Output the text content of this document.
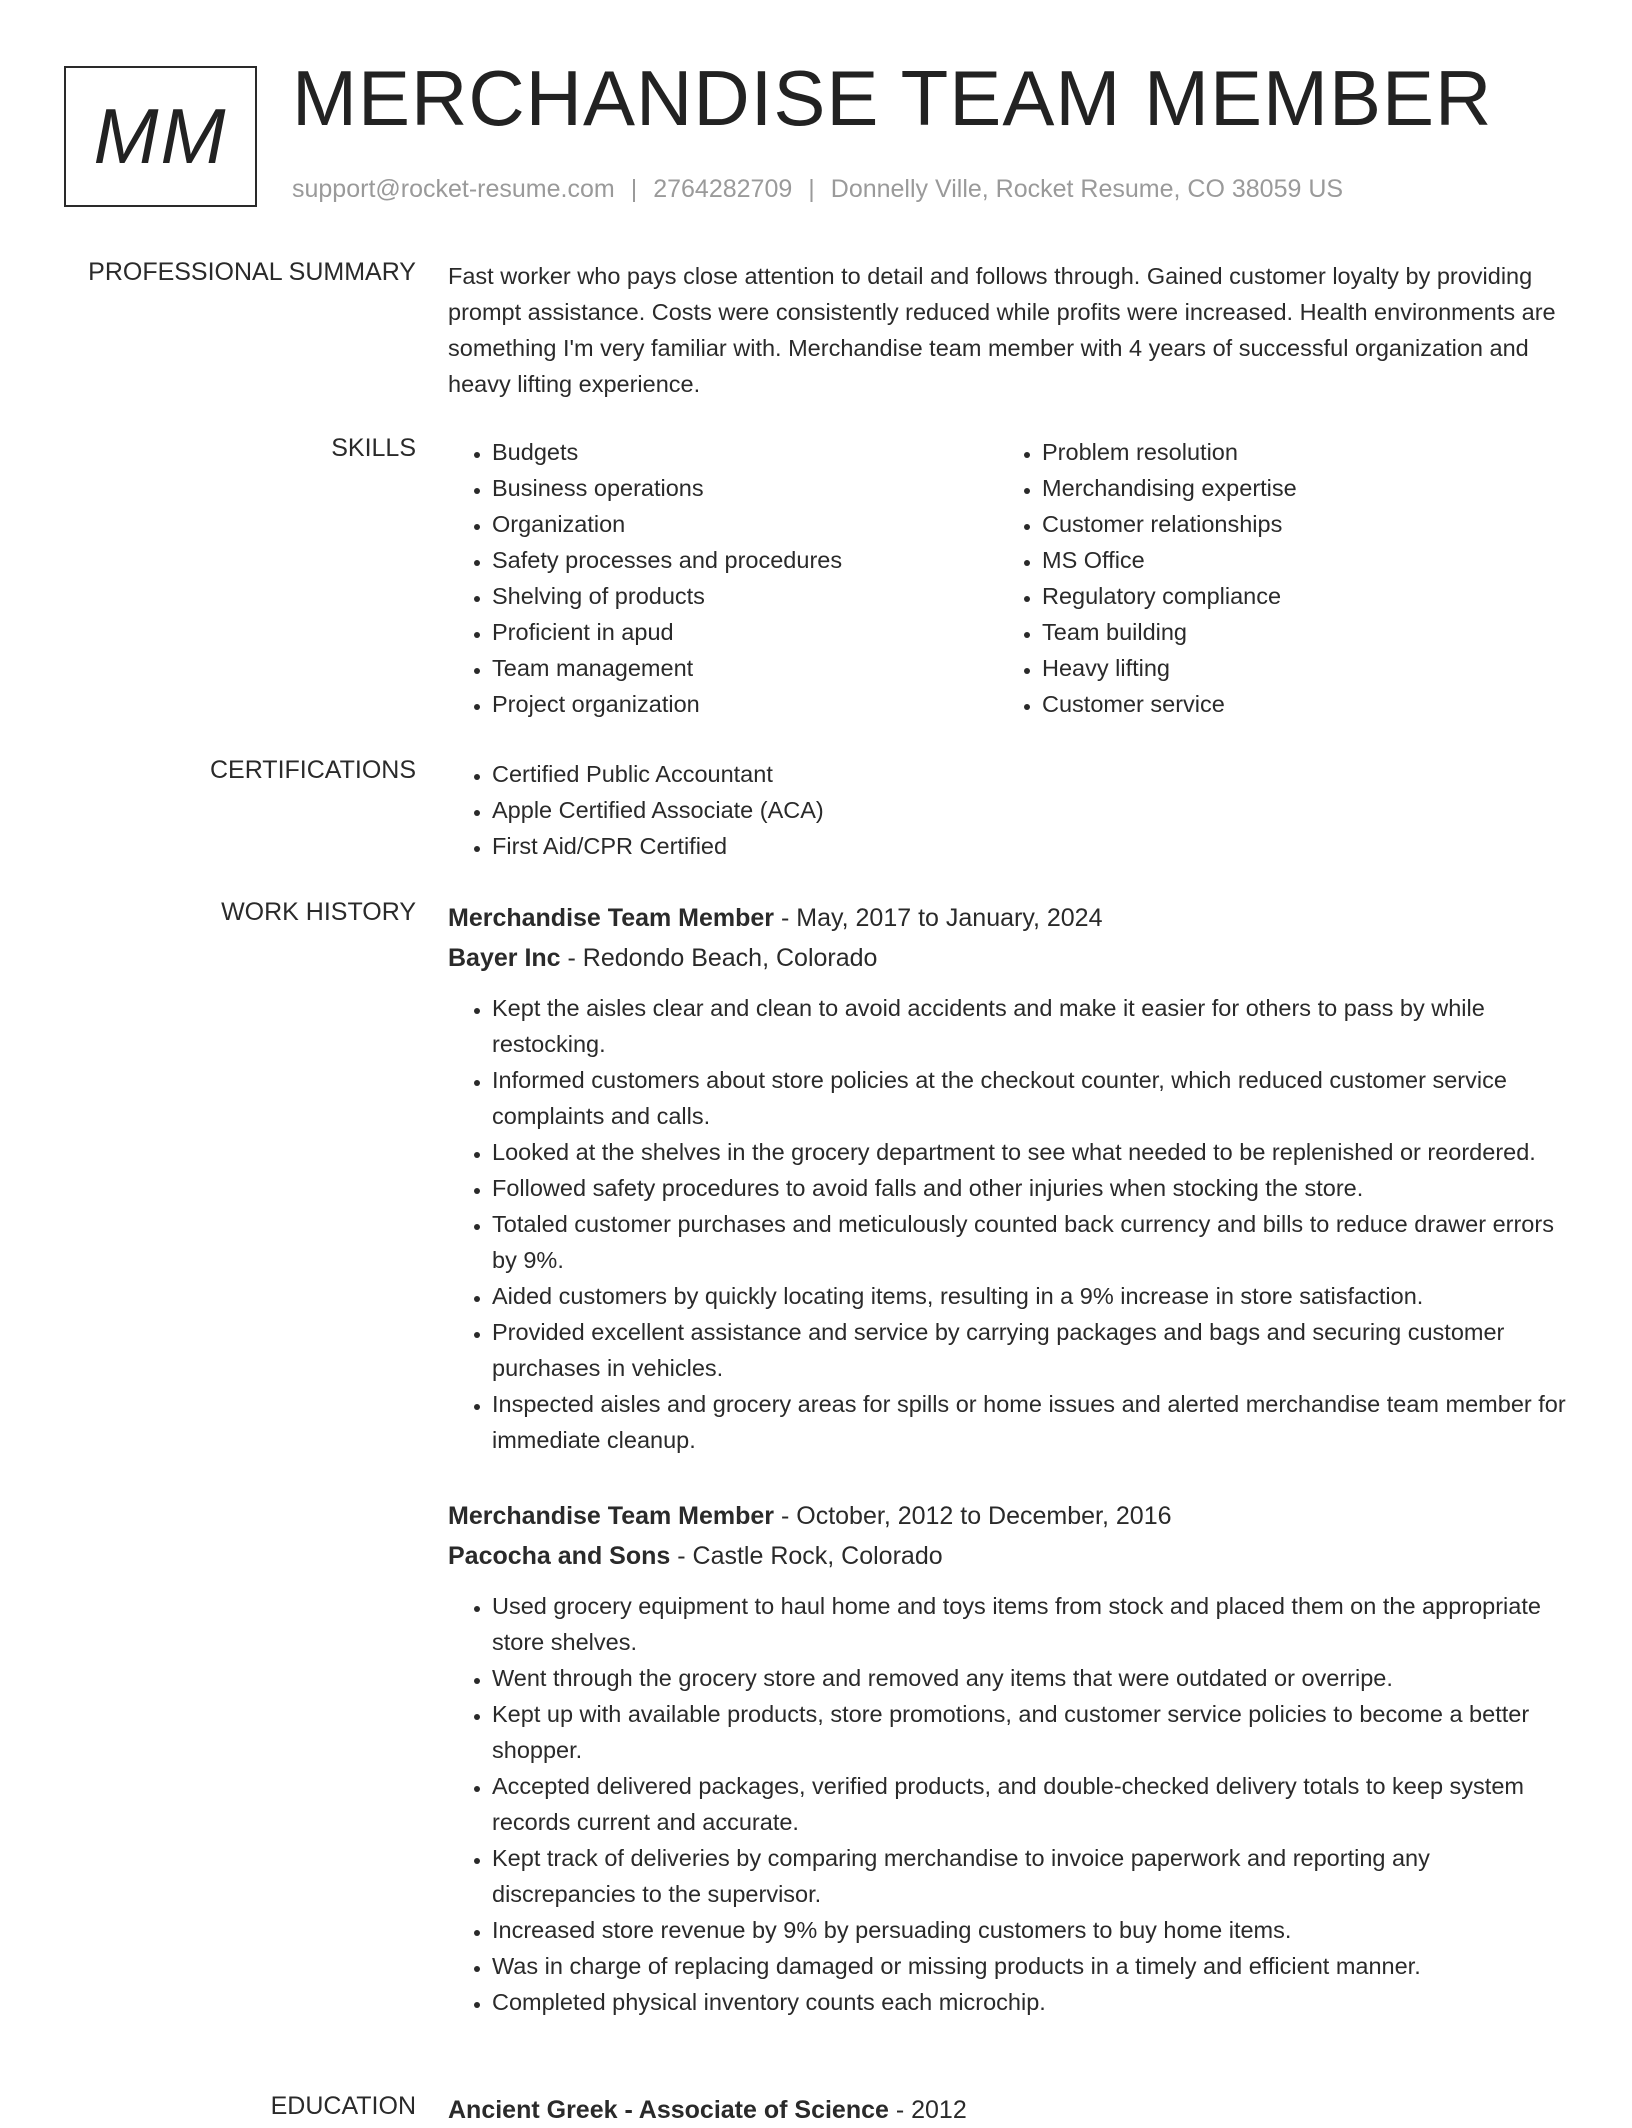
MM MERCHANDISE TEAM MEMBER
support@rocket-resume.com | 2764282709 | Donnelly Ville, Rocket Resume, CO 38059 US
PROFESSIONAL SUMMARY Fast worker who pays close attention to detail and follows through. Gained customer loyalty by providing prompt assistance. Costs were consistently reduced while profits were increased. Health environments are something I'm very familiar with. Merchandise team member with 4 years of successful organization and heavy lifting experience.

SKILLS	• Budgets
• Business operations
• Organization
• Safety processes and procedures
• Shelving of products
• Proficient in apud
• Team management
• Project organization
• Problem resolution
• Merchandising expertise
• Customer relationships
• MS Office
• Regulatory compliance
• Team building
• Heavy lifting
• Customer service
CERTIFICATIONS	• Certified Public Accountant
• Apple Certified Associate (ACA)
• First Aid/CPR Certified
WORK HISTORY Merchandise Team Member - May, 2017 to January, 2024
Bayer Inc - Redondo Beach, Colorado
• Kept the aisles clear and clean to avoid accidents and make it easier for others to pass by while restocking.
• Informed customers about store policies at the checkout counter, which reduced customer service complaints and calls.
• Looked at the shelves in the grocery department to see what needed to be replenished or reordered.
• Followed safety procedures to avoid falls and other injuries when stocking the store.
• Totaled customer purchases and meticulously counted back currency and bills to reduce drawer errors by 9%.
• Aided customers by quickly locating items, resulting in a 9% increase in store satisfaction.
• Provided excellent assistance and service by carrying packages and bags and securing customer purchases in vehicles.
• Inspected aisles and grocery areas for spills or home issues and alerted merchandise team member for immediate cleanup.
Merchandise Team Member - October, 2012 to December, 2016
Pacocha and Sons - Castle Rock, Colorado
• Used grocery equipment to haul home and toys items from stock and placed them on the appropriate store shelves.
• Went through the grocery store and removed any items that were outdated or overripe.
• Kept up with available products, store promotions, and customer service policies to become a better shopper.
• Accepted delivered packages, verified products, and double-checked delivery totals to keep system records current and accurate.
• Kept track of deliveries by comparing merchandise to invoice paperwork and reporting any discrepancies to the supervisor.
• Increased store revenue by 9% by persuading customers to buy home items.
• Was in charge of replacing damaged or missing products in a timely and efficient manner.
• Completed physical inventory counts each microchip.
EDUCATION Ancient Greek - Associate of Science - 2012
